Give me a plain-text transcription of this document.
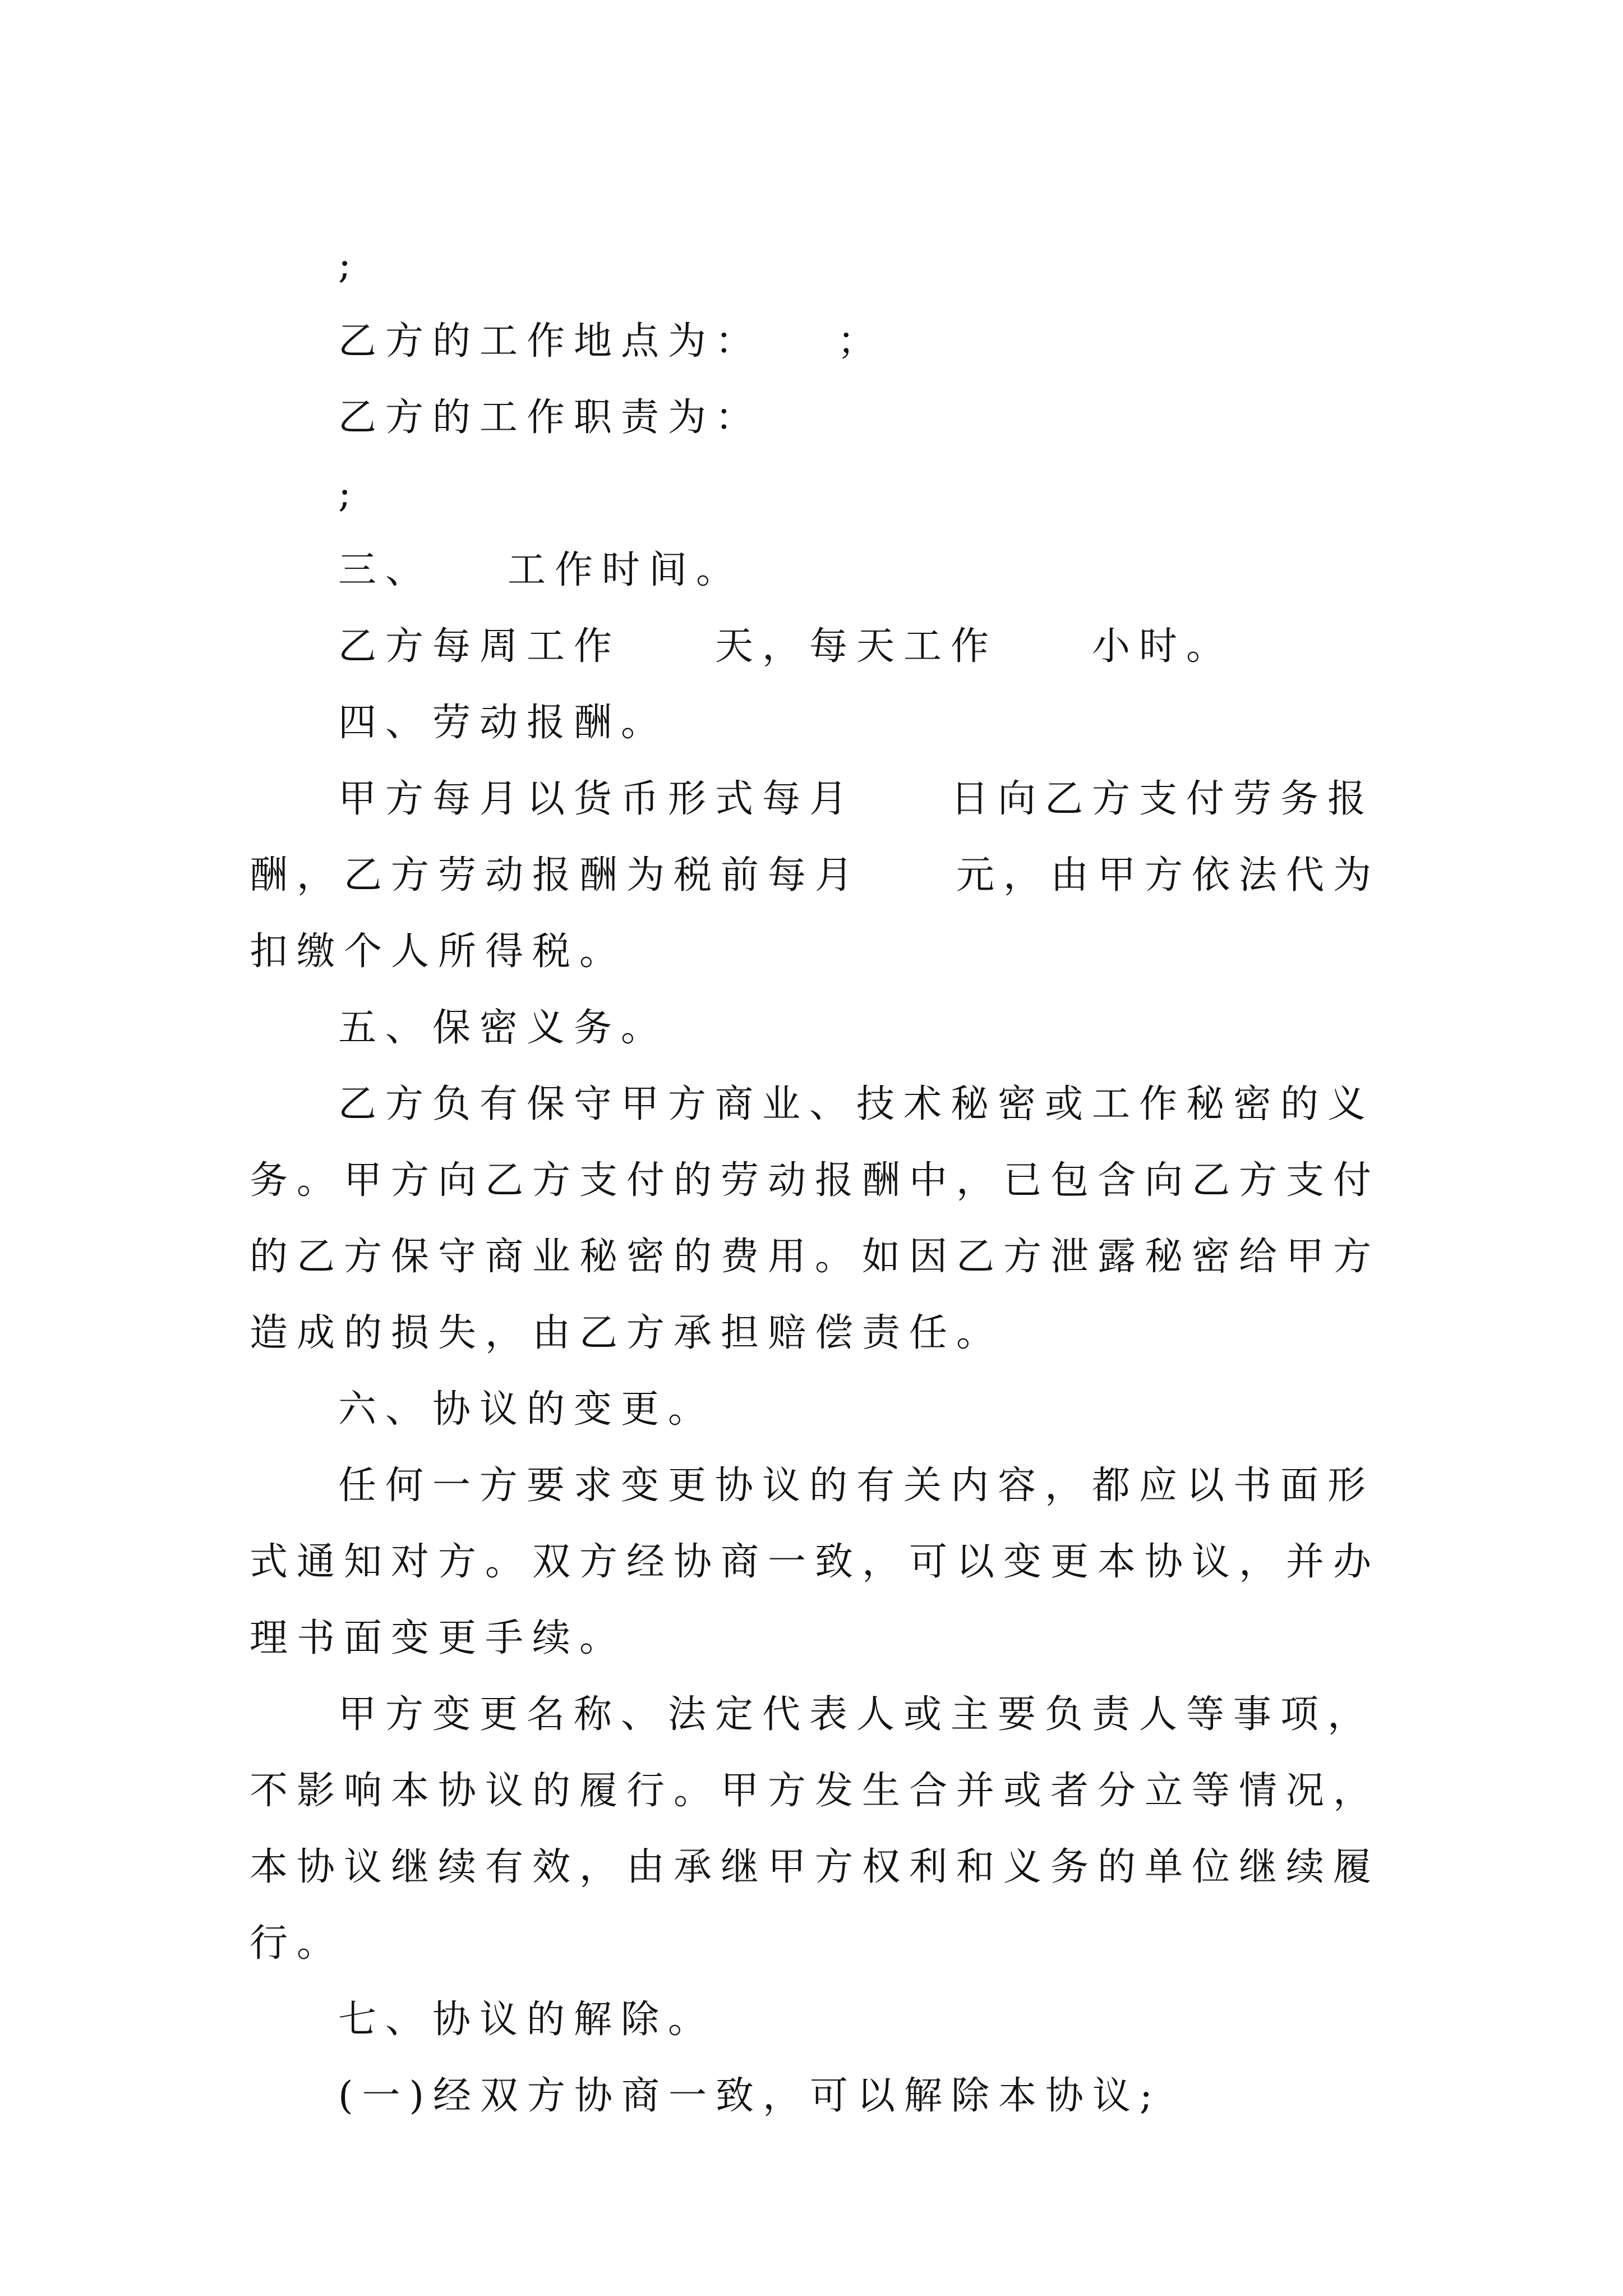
;

乙方的工作地点为：　　；

乙方的工作职责为：

;

三、　　工作时间。

乙方每周工作　　天，每天工作　　小时。

四、劳动报酬。

甲方每月以货币形式每月　　日向乙方支付劳务报酬，乙方劳动报酬为税前每月　　元，由甲方依法代为扣缴个人所得税。

五、保密义务。

乙方负有保守甲方商业、技术秘密或工作秘密的义务。甲方向乙方支付的劳动报酬中，已包含向乙方支付的乙方保守商业秘密的费用。如因乙方泄露秘密给甲方造成的损失，由乙方承担赔偿责任。

六、协议的变更。

任何一方要求变更协议的有关内容，都应以书面形式通知对方。双方经协商一致，可以变更本协议，并办理书面变更手续。

甲方变更名称、法定代表人或主要负责人等事项，不影响本协议的履行。甲方发生合并或者分立等情况，本协议继续有效，由承继甲方权利和义务的单位继续履行。

七、协议的解除。

(一)经双方协商一致，可以解除本协议;
